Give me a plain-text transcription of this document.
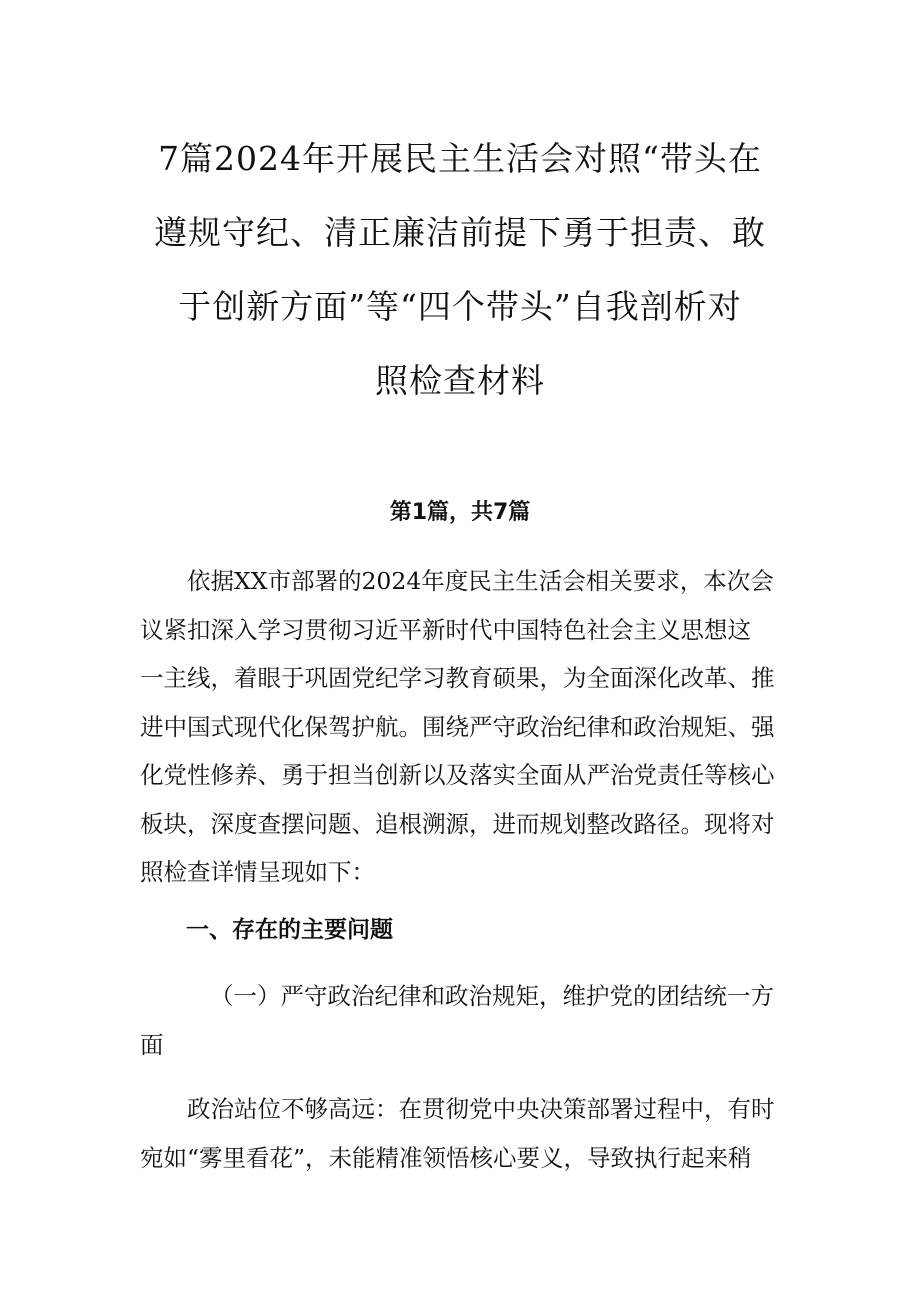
7篇2024年开展民主生活会对照“带头在
遵规守纪、清正廉洁前提下勇于担责、敢
于创新方面”等“四个带头”自我剖析对
照检查材料

第1篇，共7篇

依据XX市部署的2024年度民主生活会相关要求，本次会
议紧扣深入学习贯彻习近平新时代中国特色社会主义思想这
一主线，着眼于巩固党纪学习教育硕果，为全面深化改革、推
进中国式现代化保驾护航。围绕严守政治纪律和政治规矩、强
化党性修养、勇于担当创新以及落实全面从严治党责任等核心
板块，深度查摆问题、追根溯源，进而规划整改路径。现将对
照检查详情呈现如下：

一、存在的主要问题

（一）严守政治纪律和政治规矩，维护党的团结统一方
面

政治站位不够高远：在贯彻党中央决策部署过程中，有时
宛如“雾里看花”，未能精准领悟核心要义，导致执行起来稍
